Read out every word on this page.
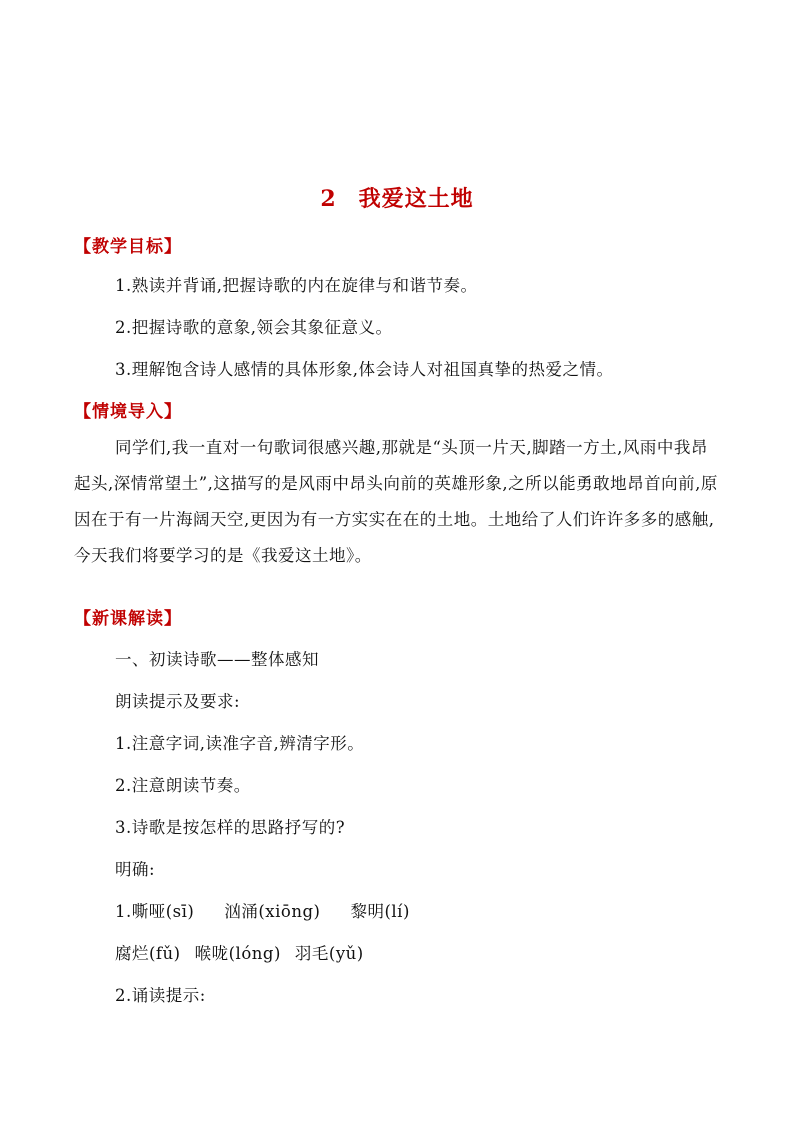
2 我爱这土地
【教学目标】
1.熟读并背诵,把握诗歌的内在旋律与和谐节奏。
2.把握诗歌的意象,领会其象征意义。
3.理解饱含诗人感情的具体形象,体会诗人对祖国真挚的热爱之情。
【情境导入】
同学们,我一直对一句歌词很感兴趣,那就是“头顶一片天,脚踏一方土,风雨中我昂起头,深情常望土”,这描写的是风雨中昂头向前的英雄形象,之所以能勇敢地昂首向前,原因在于有一片海阔天空,更因为有一方实实在在的土地。土地给了人们许许多多的感触,今天我们将要学习的是《我爱这土地》。
【新课解读】
一、初读诗歌——整体感知
朗读提示及要求:
1.注意字词,读准字音,辨清字形。
2.注意朗读节奏。
3.诗歌是按怎样的思路抒写的?
明确:
1.嘶哑(sī) 汹涌(xiōng) 黎明(lí)
腐烂(fǔ) 喉咙(lóng) 羽毛(yǔ)
2.诵读提示:
